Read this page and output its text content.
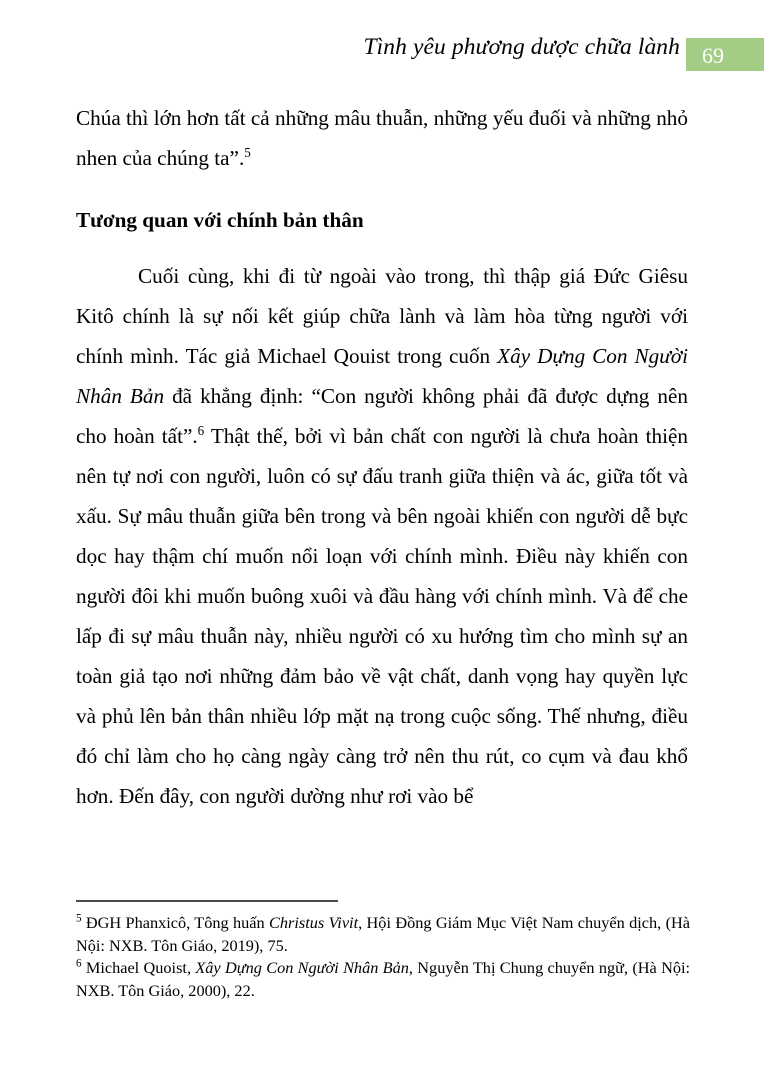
Tình yêu phương dược chữa lành 69

Chúa thì lớn hơn tất cả những mâu thuẫn, những yếu đuối và những nhỏ nhen của chúng ta”.$^5$

Tương quan với chính bản thân

Cuối cùng, khi đi từ ngoài vào trong, thì thập giá Đức Giêsu Kitô chính là sự nối kết giúp chữa lành và làm hòa từng người với chính mình. Tác giả Michael Qouist trong cuốn Xây Dựng Con Người Nhân Bản đã khẳng định: “Con người không phải đã được dựng nên cho hoàn tất”.$^6$ Thật thế, bởi vì bản chất con người là chưa hoàn thiện nên tự nơi con người, luôn có sự đấu tranh giữa thiện và ác, giữa tốt và xấu. Sự mâu thuẫn giữa bên trong và bên ngoài khiến con người dễ bực dọc hay thậm chí muốn nổi loạn với chính mình. Điều này khiến con người đôi khi muốn buông xuôi và đầu hàng với chính mình. Và để che lấp đi sự mâu thuẫn này, nhiều người có xu hướng tìm cho mình sự an toàn giả tạo nơi những đảm bảo về vật chất, danh vọng hay quyền lực và phủ lên bản thân nhiều lớp mặt nạ trong cuộc sống. Thế nhưng, điều đó chỉ làm cho họ càng ngày càng trở nên thu rút, co cụm và đau khổ hơn. Đến đây, con người dường như rơi vào bể

$^5$ ĐGH Phanxicô, Tông huấn Christus Vivit, Hội Đồng Giám Mục Việt Nam chuyển dịch, (Hà Nội: NXB. Tôn Giáo, 2019), 75.

$^6$ Michael Quoist, Xây Dựng Con Người Nhân Bản, Nguyễn Thị Chung chuyển ngữ, (Hà Nội: NXB. Tôn Giáo, 2000), 22.
